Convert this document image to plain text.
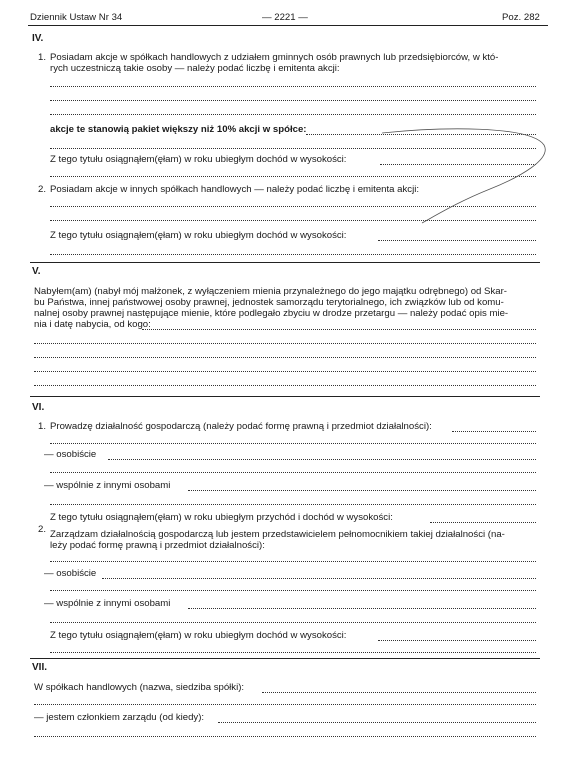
Dziennik Ustaw Nr 34	— 2221 —	Poz. 282
IV.
1. Posiadam akcje w spółkach handlowych z udziałem gminnych osób prawnych lub przedsiębiorców, w któ-
rych uczestniczą takie osoby — należy podać liczbę i emitenta akcji:
akcje te stanowią pakiet większy niż 10% akcji w spółce:
Z tego tytułu osiągnąłem(ęłam) w roku ubiegłym dochód w wysokości:
2. Posiadam akcje w innych spółkach handlowych — należy podać liczbę i emitenta akcji:
Z tego tytułu osiągnąłem(ęłam) w roku ubiegłym dochód w wysokości:
V.
Nabyłem(am) (nabył mój małżonek, z wyłączeniem mienia przynależnego do jego majątku odrębnego) od Skar-
bu Państwa, innej państwowej osoby prawnej, jednostek samorządu terytorialnego, ich związków lub od komu-
nalnej osoby prawnej następujące mienie, które podlegało zbyciu w drodze przetargu — należy podać opis mie-
nia i datę nabycia, od kogo:
VI.
1. Prowadzę działalność gospodarczą (należy podać formę prawną i przedmiot działalności):
— osobiście
— wspólnie z innymi osobami
Z tego tytułu osiągnąłem(ęłam) w roku ubiegłym przychód i dochód w wysokości:
2. Zarządzam działalnością gospodarczą lub jestem przedstawicielem pełnomocnikiem takiej działalności (na-
leży podać formę prawną i przedmiot działalności):
— osobiście
— wspólnie z innymi osobami
Z tego tytułu osiągnąłem(ęłam) w roku ubiegłym dochód w wysokości:
VII.
W spółkach handlowych (nazwa, siedziba spółki):
— jestem członkiem zarządu (od kiedy):
